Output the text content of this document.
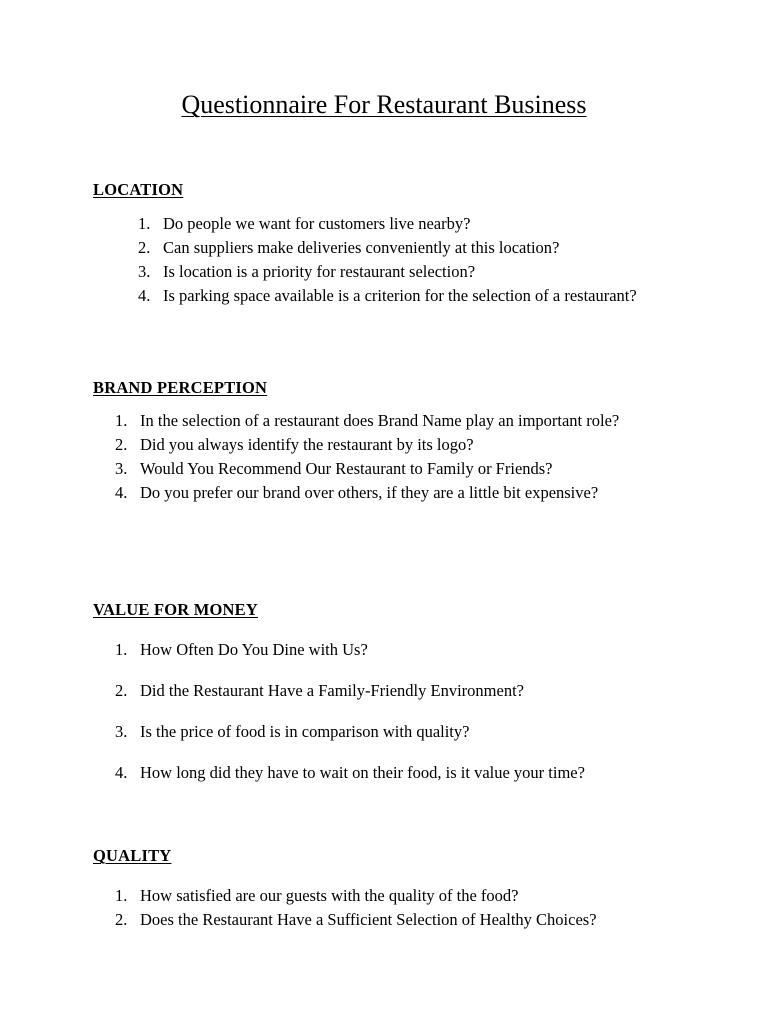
Questionnaire For Restaurant Business
LOCATION
1. Do people we want for customers live nearby?
2. Can suppliers make deliveries conveniently at this location?
3. Is location is a priority for restaurant selection?
4. Is parking space available is a criterion for the selection of a restaurant?
BRAND PERCEPTION
1. In the selection of a restaurant does Brand Name play an important role?
2. Did you always identify the restaurant by its logo?
3. Would You Recommend Our Restaurant to Family or Friends?
4. Do you prefer our brand over others, if they are a little bit expensive?
VALUE FOR MONEY
1. How Often Do You Dine with Us?
2. Did the Restaurant Have a Family-Friendly Environment?
3. Is the price of food is in comparison with quality?
4. How long did they have to wait on their food, is it value your time?
QUALITY
1. How satisfied are our guests with the quality of the food?
2. Does the Restaurant Have a Sufficient Selection of Healthy Choices?
